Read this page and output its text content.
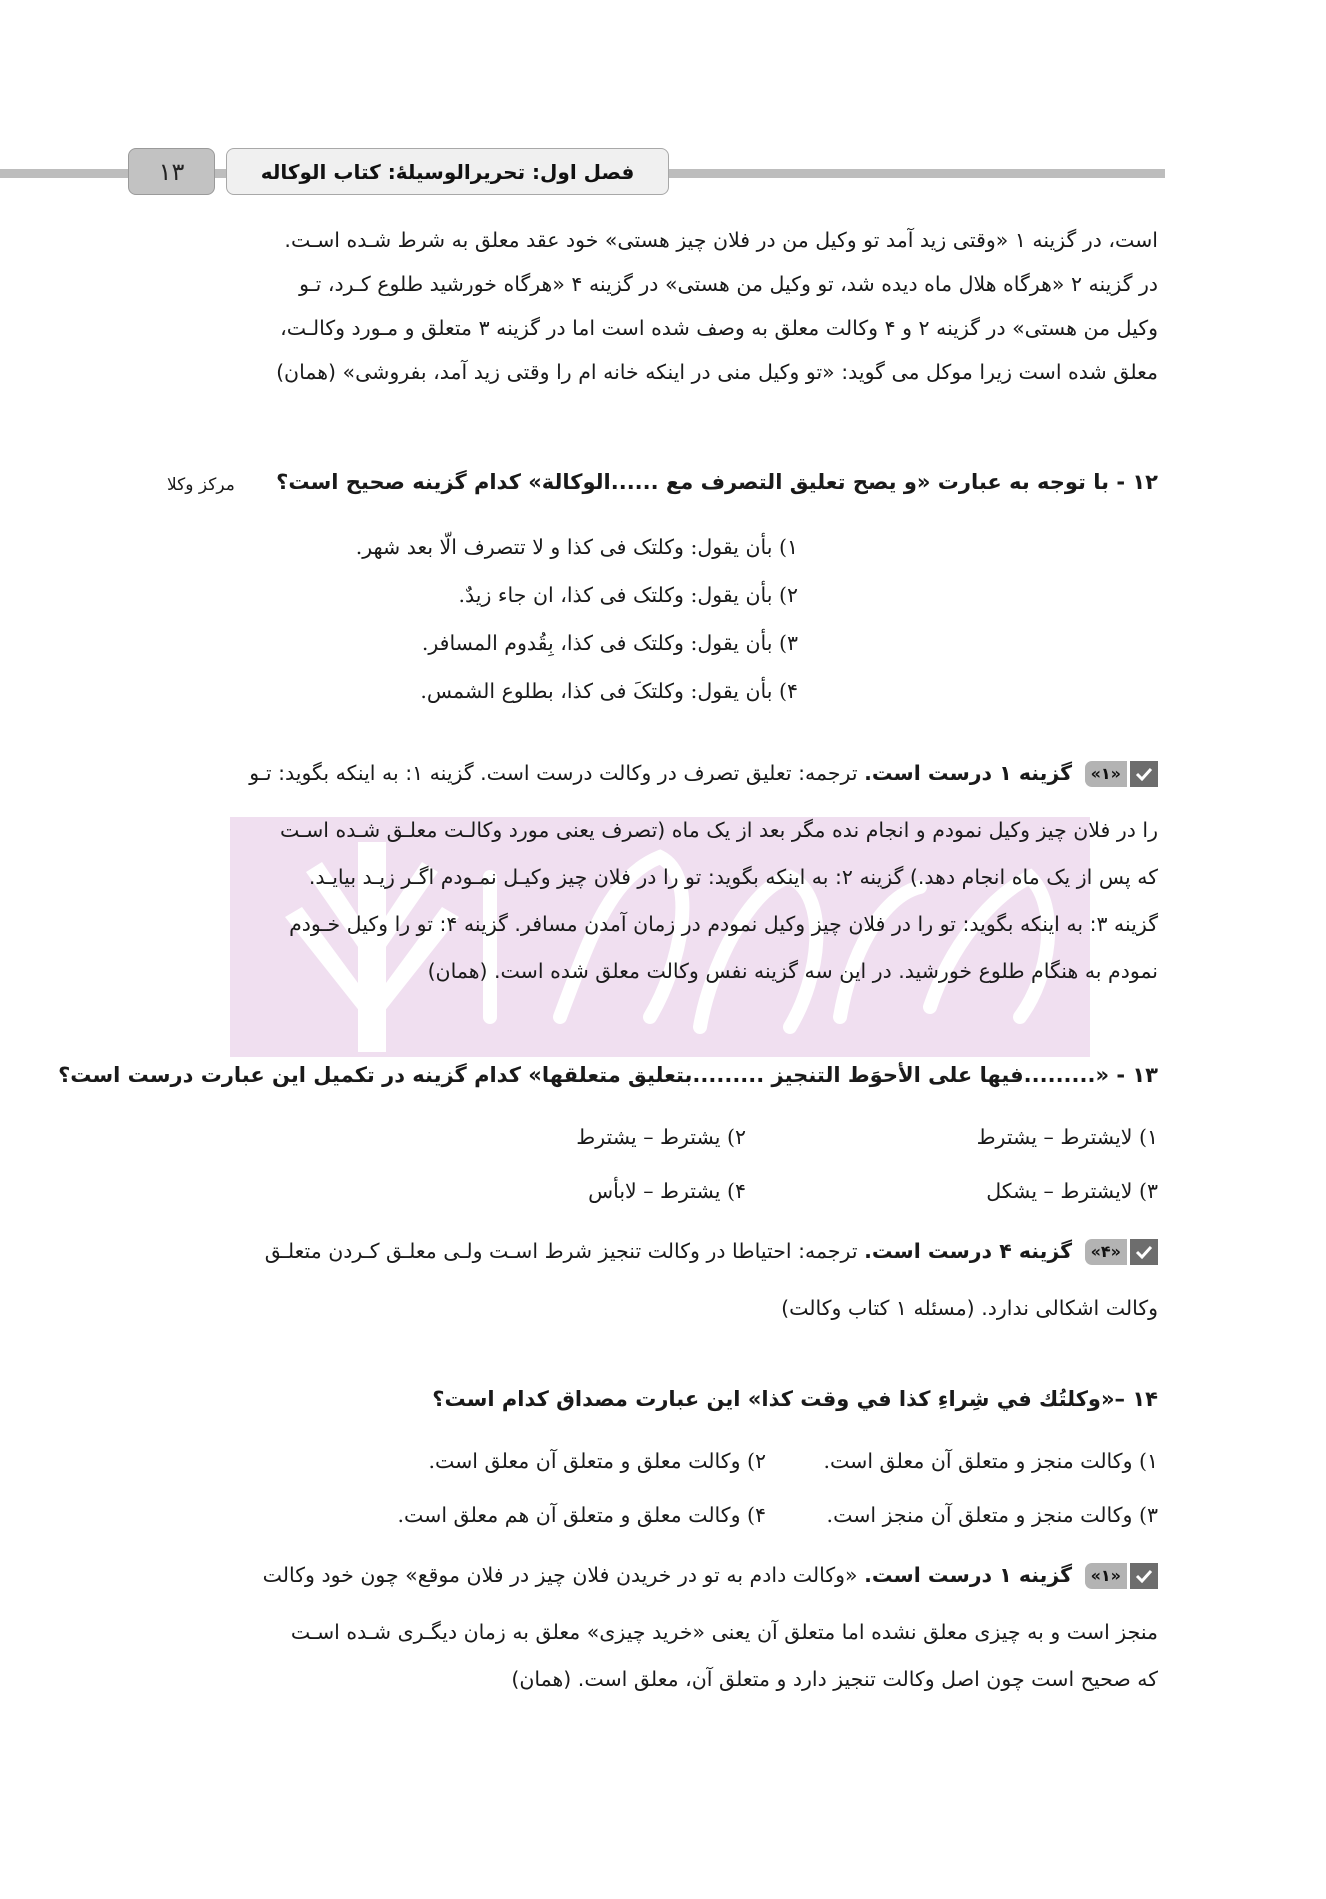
۱۳	فصل اول: تحریرالوسیلهٔ: کتاب الوکاله
است، در گزینه ۱ «وقتی زید آمد تو وکیل من در فلان چیز هستی» خود عقد معلق به شرط شـده اسـت.
در گزینه ۲ «هرگاه هلال ماه دیده شد، تو وکیل من هستی» در گزینه ۴ «هرگاه خورشید طلوع کـرد، تـو
وکیل من هستی» در گزینه ۲ و ۴ وکالت معلق به وصف شده است اما در گزینه ۳ متعلق و مـورد وکالـت،
معلق شده است زیرا موکل می گوید: «تو وکیل منی در اینکه خانه ام را وقتی زید آمد، بفروشی» (همان)
۱۲ - با توجه به عبارت «و یصح تعلیق التصرف مع ......الوکالة» کدام گزینه صحیح است؟
مرکز وکلا
۱) بأن یقول: وکلتک فی کذا و لا تتصرف الّا بعد شهر.
۲) بأن یقول: وکلتک فی کذا، ان جاء زیدٌ.
۳) بأن یقول: وکلتک فی کذا، بِقُدوم المسافر.
۴) بأن یقول: وکلتکَ فی کذا، بطلوع الشمس.
«۱»
گزینه ۱ درست است. ترجمه: تعلیق تصرف در وکالت درست است. گزینه ۱: به اینکه بگوید: تـو
را در فلان چیز وکیل نمودم و انجام نده مگر بعد از یک ماه (تصرف یعنی مورد وکالـت معلـق شـده اسـت
که پس از یک ماه انجام دهد.) گزینه ۲: به اینکه بگوید: تو را در فلان چیز وکیـل نمـودم اگـر زیـد بیایـد.
گزینه ۳: به اینکه بگوید: تو را در فلان چیز وکیل نمودم در زمان آمدن مسافر. گزینه ۴: تو را وکیل خـودم
نمودم به هنگام طلوع خورشید. در این سه گزینه نفس وکالت معلق شده است. (همان)
۱۳ - «.........فیها علی الأحوَط التنجیز .........بتعلیق متعلقها» کدام گزینه در تکمیل این عبارت درست است؟
۱) لایشترط – یشترط
۲) یشترط – یشترط
۳) لایشترط – یشکل
۴) یشترط – لابأس
«۴»
گزینه ۴ درست است. ترجمه: احتیاطا در وکالت تنجیز شرط اسـت ولـی معلـق کـردن متعلـق
وکالت اشکالی ندارد. (مسئله ۱ کتاب وکالت)
۱۴ –«وکلتُك في شِراءِ كذا في وقت كذا» این عبارت مصداق کدام است؟
۱) وکالت منجز و متعلق آن معلق است.
۲) وکالت معلق و متعلق آن معلق است.
۳) وکالت منجز و متعلق آن منجز است.
۴) وکالت معلق و متعلق آن هم معلق است.
«۱»
گزینه ۱ درست است. «وکالت دادم به تو در خریدن فلان چیز در فلان موقع» چون خود وکالت
منجز است و به چیزی معلق نشده اما متعلق آن یعنی «خرید چیزی» معلق به زمان دیگـری شـده اسـت
که صحیح است چون اصل وکالت تنجیز دارد و متعلق آن، معلق است. (همان)
